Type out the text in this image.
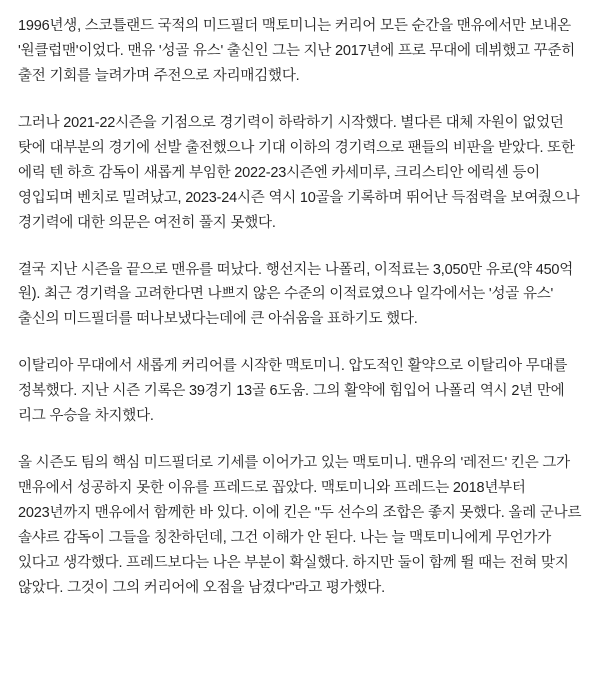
1996년생, 스코틀랜드 국적의 미드필더 맥토미니는 커리어 모든 순간을 맨유에서만 보내온 '원클럽맨'이었다. 맨유 '성골 유스' 출신인 그는 지난 2017년에 프로 무대에 데뷔했고 꾸준히 출전 기회를 늘려가며 주전으로 자리매김했다.

그러나 2021-22시즌을 기점으로 경기력이 하락하기 시작했다. 별다른 대체 자원이 없었던 탓에 대부분의 경기에 선발 출전했으나 기대 이하의 경기력으로 팬들의 비판을 받았다. 또한 에릭 텐 하흐 감독이 새롭게 부임한 2022-23시즌엔 카세미루, 크리스티안 에릭센 등이 영입되며 벤치로 밀려났고, 2023-24시즌 역시 10골을 기록하며 뛰어난 득점력을 보여줬으나 경기력에 대한 의문은 여전히 풀지 못했다.

결국 지난 시즌을 끝으로 맨유를 떠났다. 행선지는 나폴리, 이적료는 3,050만 유로(약 450억 원). 최근 경기력을 고려한다면 나쁘지 않은 수준의 이적료였으나 일각에서는 '성골 유스' 출신의 미드필더를 떠나보냈다는데에 큰 아쉬움을 표하기도 했다.

이탈리아 무대에서 새롭게 커리어를 시작한 맥토미니. 압도적인 활약으로 이탈리아 무대를 정복했다. 지난 시즌 기록은 39경기 13골 6도움. 그의 활약에 힘입어 나폴리 역시 2년 만에 리그 우승을 차지했다.

올 시즌도 팀의 핵심 미드필더로 기세를 이어가고 있는 맥토미니. 맨유의 '레전드' 킨은 그가 맨유에서 성공하지 못한 이유를 프레드로 꼽았다. 맥토미니와 프레드는 2018년부터 2023년까지 맨유에서 함께한 바 있다. 이에 킨은 "두 선수의 조합은 좋지 못했다. 올레 군나르 솔샤르 감독이 그들을 칭찬하던데, 그건 이해가 안 된다. 나는 늘 맥토미니에게 무언가가 있다고 생각했다. 프레드보다는 나은 부분이 확실했다. 하지만 둘이 함께 뛸 때는 전혀 맞지 않았다. 그것이 그의 커리어에 오점을 남겼다"라고 평가했다.
